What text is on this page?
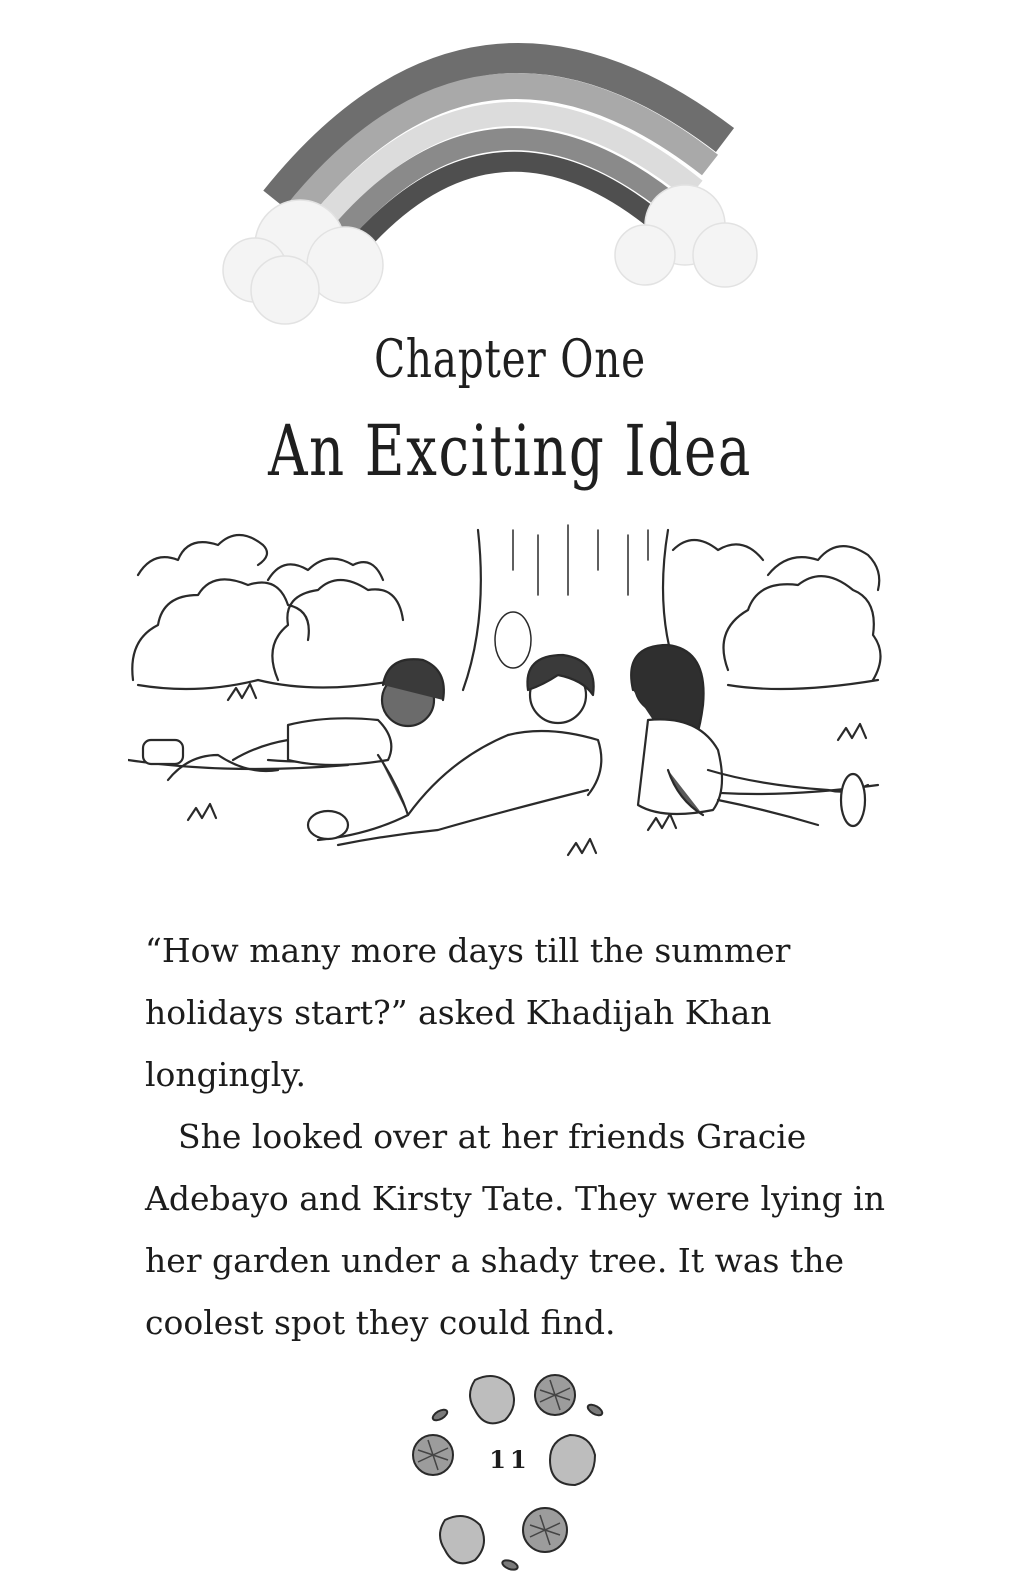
Chapter One
An Exciting Idea

“How many more days till the summer holidays start?” asked Khadijah Khan longingly.

She looked over at her friends Gracie Adebayo and Kirsty Tate. They were lying in her garden under a shady tree. It was the coolest spot they could find.

11
